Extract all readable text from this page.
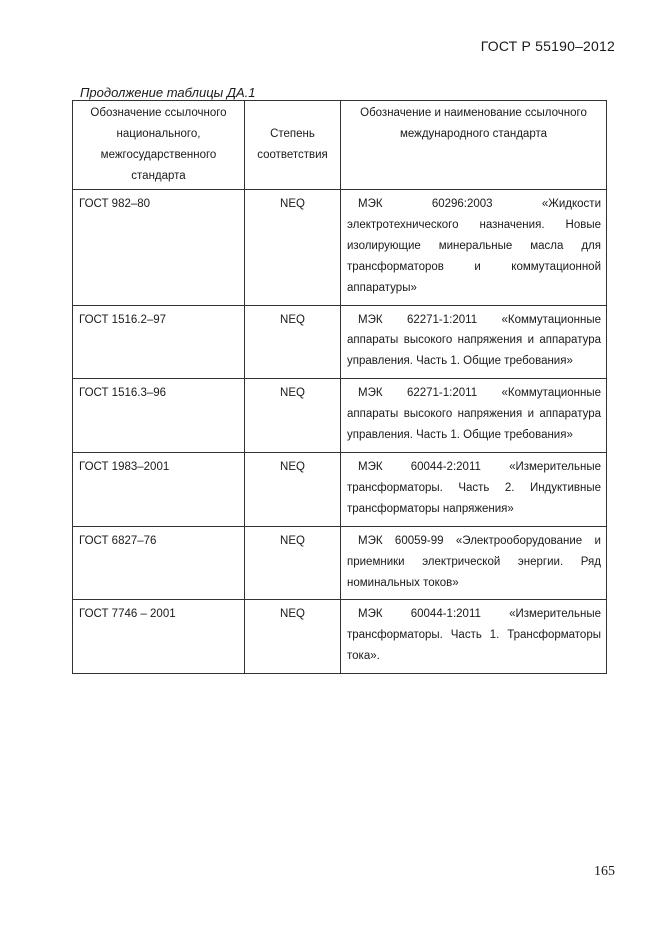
ГОСТ Р 55190–2012
Продолжение таблицы ДА.1
Обозначение ссылочного национального, межгосударственного стандарта	Степень соответствия	Обозначение и наименование ссылочного международного стандарта
ГОСТ 982–80	NEQ	МЭК 60296:2003 «Жидкости электротехнического назначения. Новые изолирующие минеральные масла для трансформаторов и коммутационной аппаратуры»
ГОСТ 1516.2–97	NEQ	МЭК 62271-1:2011 «Коммутационные аппараты высокого напряжения и аппаратура управления. Часть 1. Общие требования»
ГОСТ 1516.3–96	NEQ	МЭК 62271-1:2011 «Коммутационные аппараты высокого напряжения и аппаратура управления. Часть 1. Общие требования»
ГОСТ 1983–2001	NEQ	МЭК 60044-2:2011 «Измерительные трансформаторы. Часть 2. Индуктивные трансформаторы напряжения»
ГОСТ 6827–76	NEQ	МЭК 60059-99 «Электрооборудование и приемники электрической энергии. Ряд номинальных токов»
ГОСТ 7746 – 2001	NEQ	МЭК 60044-1:2011 «Измерительные трансформаторы. Часть 1. Трансформаторы тока».
165
